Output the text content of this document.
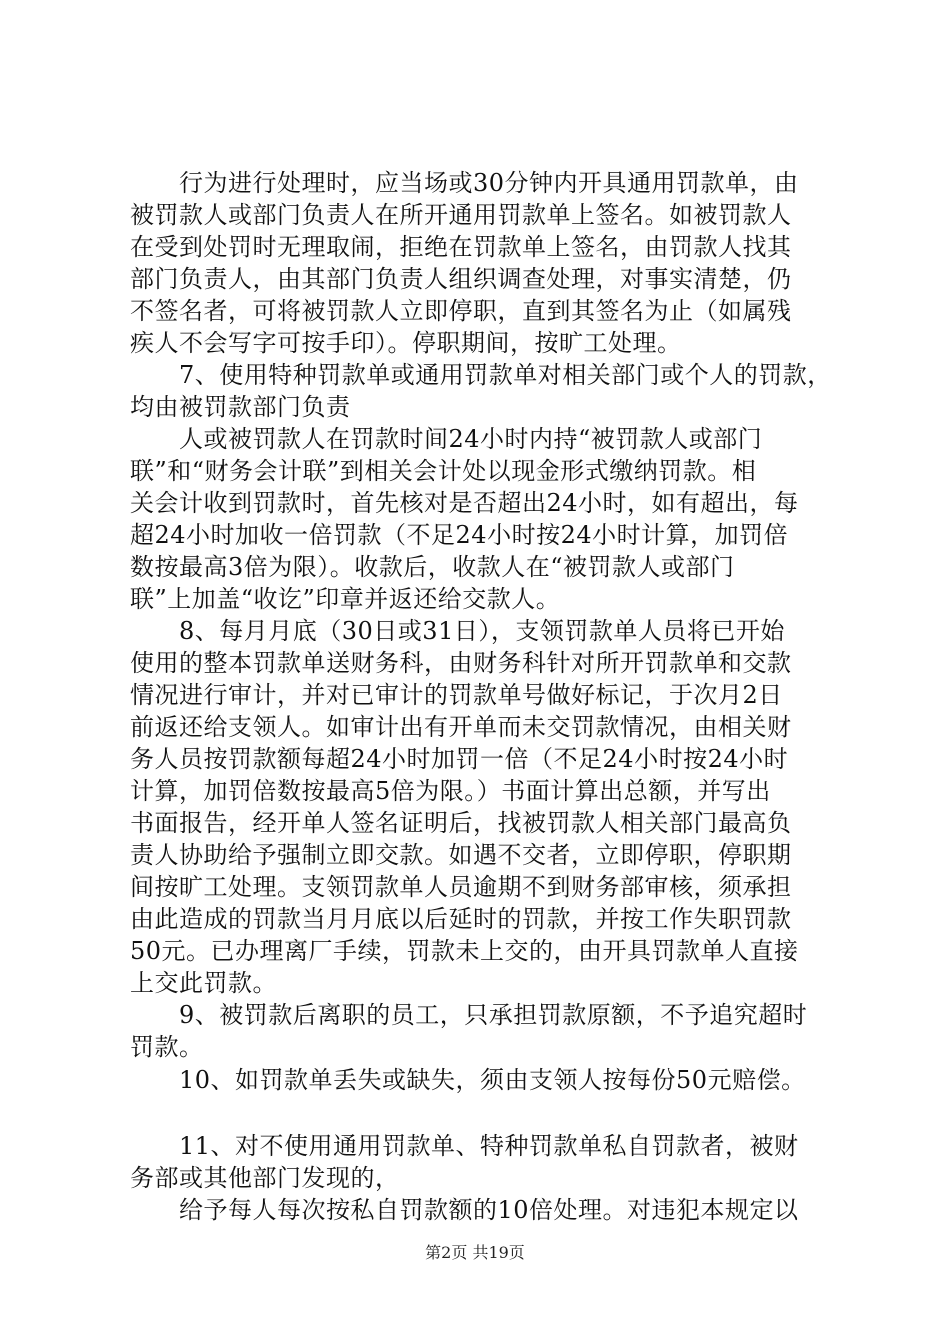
　　行为进行处理时，应当场或30分钟内开具通用罚款单，由
被罚款人或部门负责人在所开通用罚款单上签名。如被罚款人
在受到处罚时无理取闹，拒绝在罚款单上签名，由罚款人找其
部门负责人，由其部门负责人组织调查处理，对事实清楚，仍
不签名者，可将被罚款人立即停职，直到其签名为止（如属残
疾人不会写字可按手印）。停职期间，按旷工处理。
　　7、使用特种罚款单或通用罚款单对相关部门或个人的罚款，
均由被罚款部门负责
　　人或被罚款人在罚款时间24小时内持“被罚款人或部门
联”和“财务会计联”到相关会计处以现金形式缴纳罚款。相
关会计收到罚款时，首先核对是否超出24小时，如有超出，每
超24小时加收一倍罚款（不足24小时按24小时计算，加罚倍
数按最高3倍为限）。收款后，收款人在“被罚款人或部门
联”上加盖“收讫”印章并返还给交款人。
　　8、每月月底（30日或31日），支领罚款单人员将已开始
使用的整本罚款单送财务科，由财务科针对所开罚款单和交款
情况进行审计，并对已审计的罚款单号做好标记，于次月2日
前返还给支领人。如审计出有开单而未交罚款情况，由相关财
务人员按罚款额每超24小时加罚一倍（不足24小时按24小时
计算，加罚倍数按最高5倍为限。）书面计算出总额，并写出
书面报告，经开单人签名证明后，找被罚款人相关部门最高负
责人协助给予强制立即交款。如遇不交者，立即停职，停职期
间按旷工处理。支领罚款单人员逾期不到财务部审核，须承担
由此造成的罚款当月月底以后延时的罚款，并按工作失职罚款
50元。已办理离厂手续，罚款未上交的，由开具罚款单人直接
上交此罚款。
　　9、被罚款后离职的员工，只承担罚款原额，不予追究超时
罚款。
　　10、如罚款单丢失或缺失，须由支领人按每份50元赔偿。
　　11、对不使用通用罚款单、特种罚款单私自罚款者，被财
务部或其他部门发现的，
　　给予每人每次按私自罚款额的10倍处理。对违犯本规定以
第2页 共19页
